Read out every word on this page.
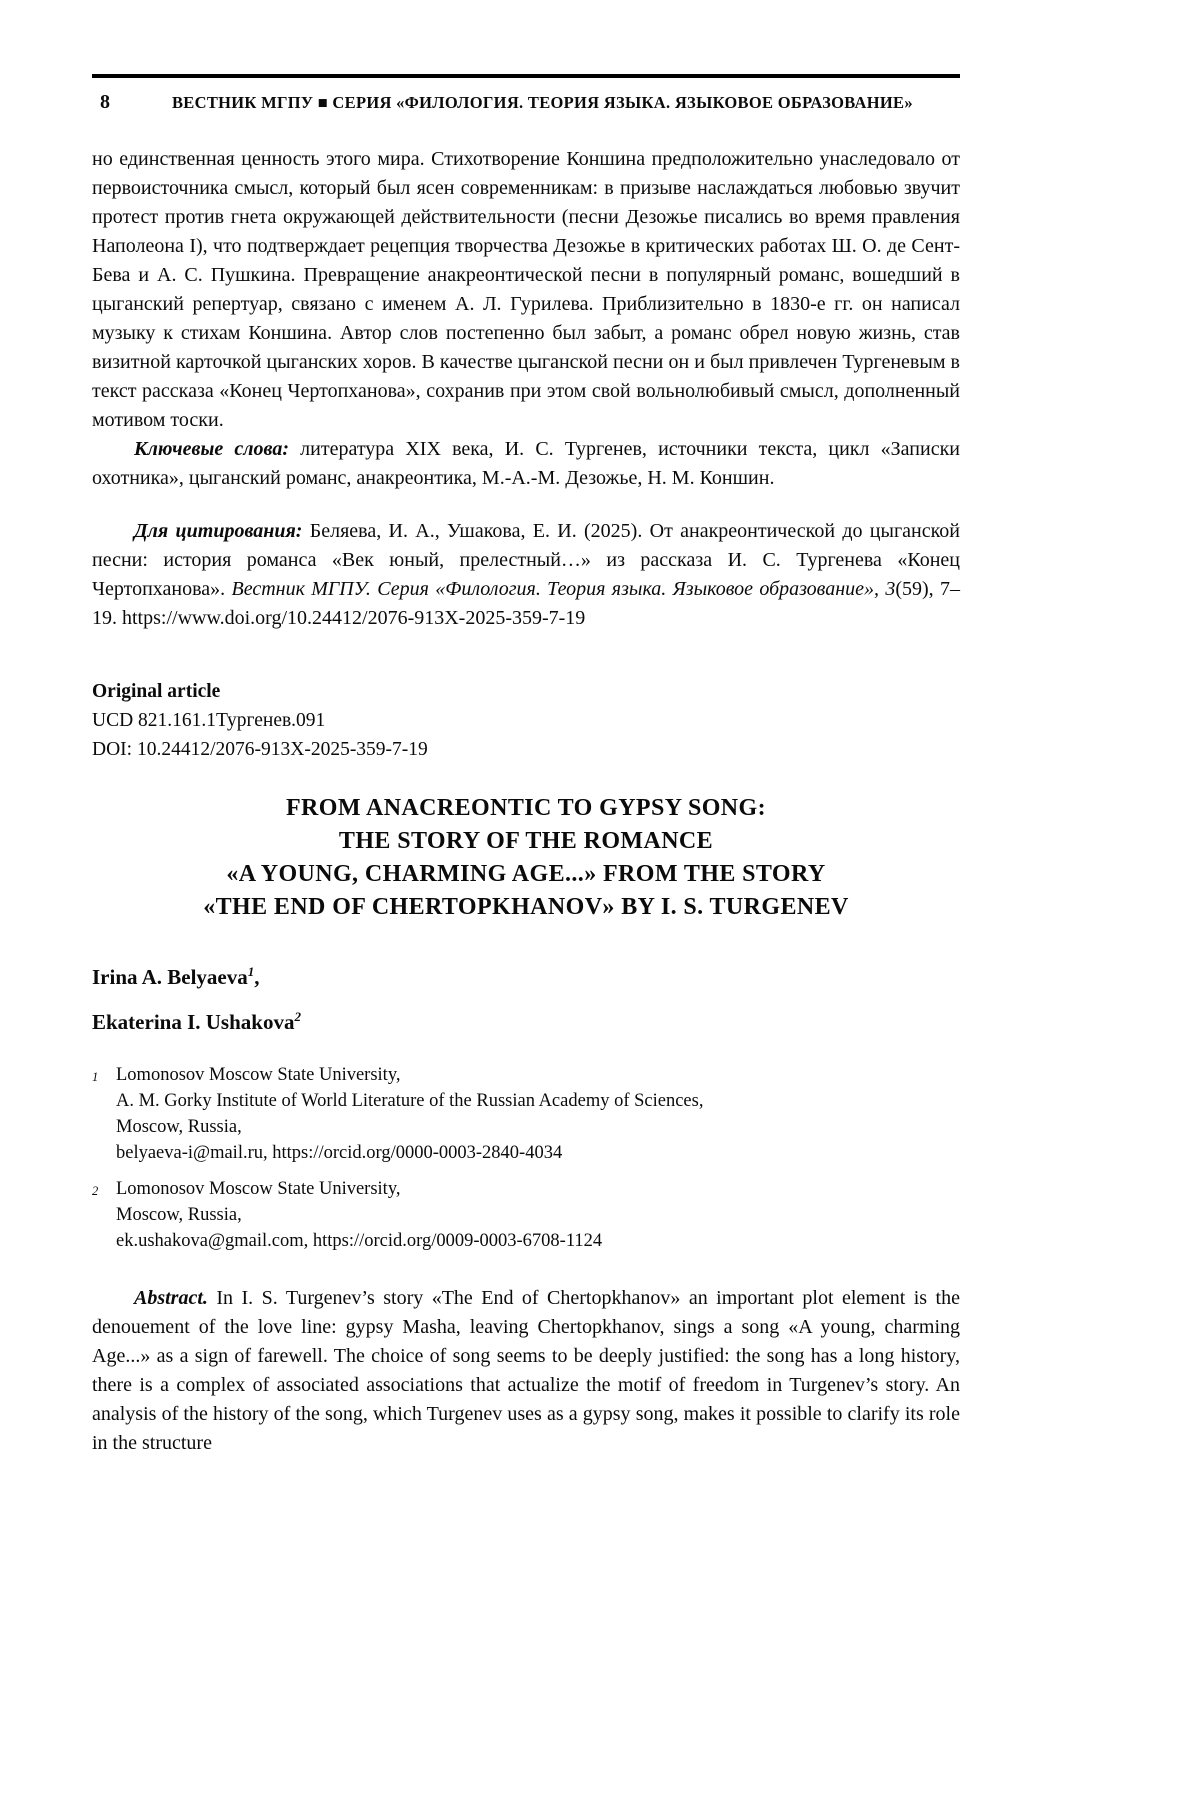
8	ВЕСТНИК МГПУ ■ СЕРИЯ «ФИЛОЛОГИЯ. ТЕОРИЯ ЯЗЫКА. ЯЗЫКОВОЕ ОБРАЗОВАНИЕ»

но единственная ценность этого мира. Стихотворение Коншина предположительно унаследовало от первоисточника смысл, который был ясен современникам: в призыве наслаждаться любовью звучит протест против гнета окружающей действительности (песни Дезожье писались во время правления Наполеона I), что подтверждает рецепция творчества Дезожье в критических работах Ш. О. де Сент-Бева и А. С. Пушкина. Превращение анакреонтической песни в популярный романс, вошедший в цыганский репертуар, связано с именем А. Л. Гурилева. Приблизительно в 1830-е гг. он написал музыку к стихам Коншина. Автор слов постепенно был забыт, а романс обрел новую жизнь, став визитной карточкой цыганских хоров. В качестве цыганской песни он и был привлечен Тургеневым в текст рассказа «Конец Чертопханова», сохранив при этом свой вольнолюбивый смысл, дополненный мотивом тоски.

Ключевые слова: литература XIX века, И. С. Тургенев, источники текста, цикл «Записки охотника», цыганский романс, анакреонтика, М.-А.-М. Дезожье, Н. М. Коншин.

Для цитирования: Беляева, И. А., Ушакова, Е. И. (2025). От анакреонтической до цыганской песни: история романса «Век юный, прелестный…» из рассказа И. С. Тургенева «Конец Чертопханова». Вестник МГПУ. Серия «Филология. Теория языка. Языковое образование», 3(59), 7–19. https://www.doi.org/10.24412/2076-913X-2025-359-7-19

Original article

UCD 821.161.1Тургенев.091

DOI: 10.24412/2076-913X-2025-359-7-19

FROM ANACREONTIC TO GYPSY SONG:
THE STORY OF THE ROMANCE
«A YOUNG, CHARMING AGE...» FROM THE STORY
«THE END OF CHERTOPKHANOV» BY I. S. TURGENEV

Irina A. Belyaeva$^1$,

Ekaterina I. Ushakova$^2$

1 Lomonosov Moscow State University,

A. M. Gorky Institute of World Literature of the Russian Academy of Sciences,

Moscow, Russia,

belyaeva-i@mail.ru, https://orcid.org/0000-0003-2840-4034

2 Lomonosov Moscow State University,

Moscow, Russia,

ek.ushakova@gmail.com, https://orcid.org/0009-0003-6708-1124

Abstract. In I. S. Turgenev’s story «The End of Chertopkhanov» an important plot element is the denouement of the love line: gypsy Masha, leaving Chertopkhanov, sings a song «A young, charming Age...» as a sign of farewell. The choice of song seems to be deeply justified: the song has a long history, there is a complex of associated associations that actualize the motif of freedom in Turgenev’s story. An analysis of the history of the song, which Turgenev uses as a gypsy song, makes it possible to clarify its role in the structure
